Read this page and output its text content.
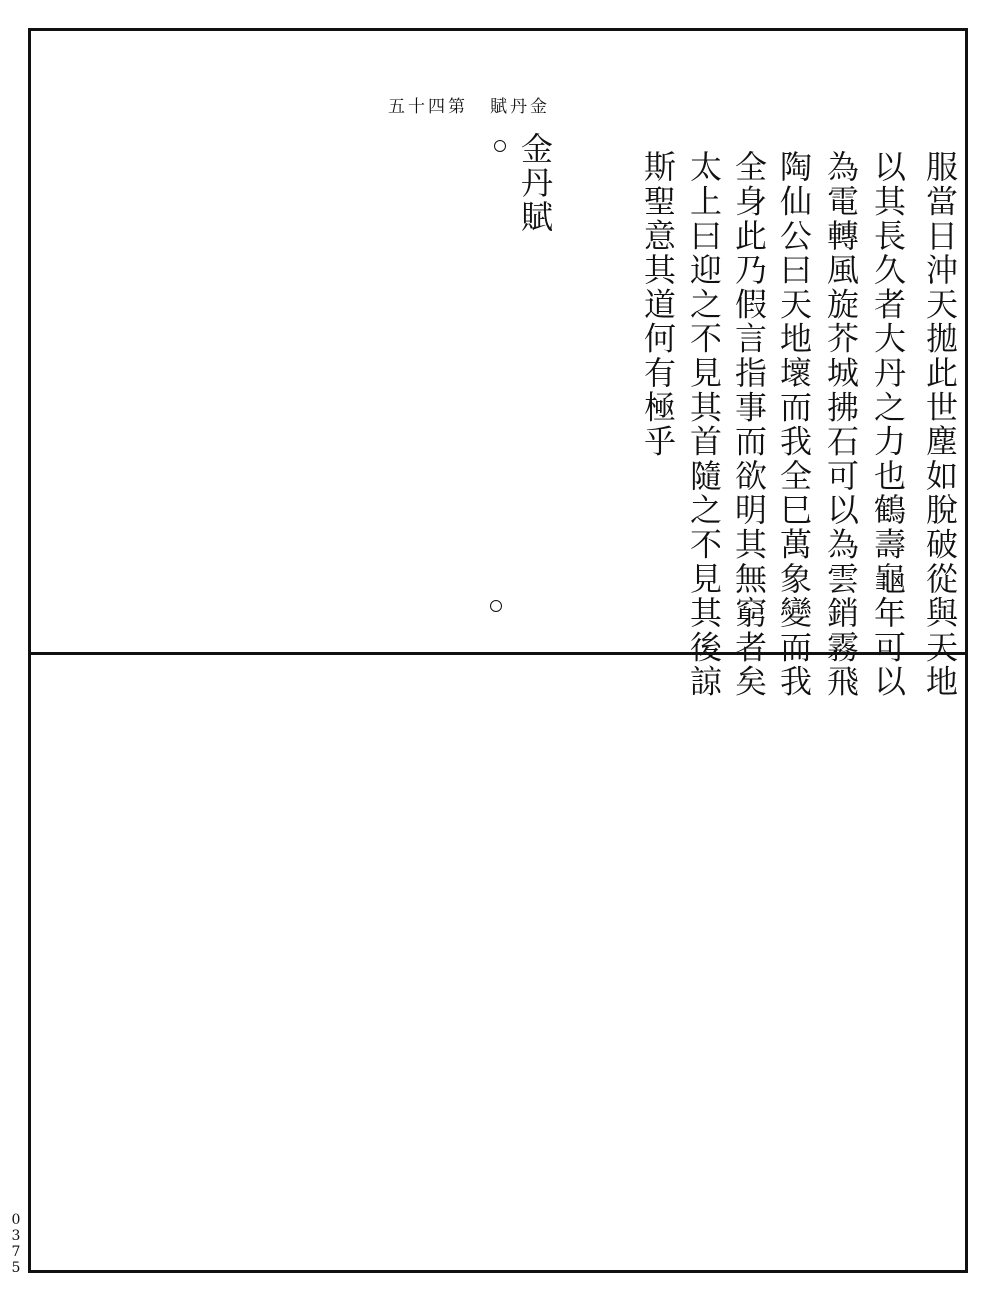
五十四第 賦丹金
金丹賦	服當日沖天拋此世塵如脫破從與天地
以其長久者大丹之力也鶴壽龜年可以
為電轉風旋芥城拂石可以為雲銷霧飛
陶仙公曰天地壞而我全巳萬象變而我
全身此乃假言指事而欲明其無窮者矣
太上曰迎之不見其首隨之不見其後諒
斯聖意其道何有極乎
0375
